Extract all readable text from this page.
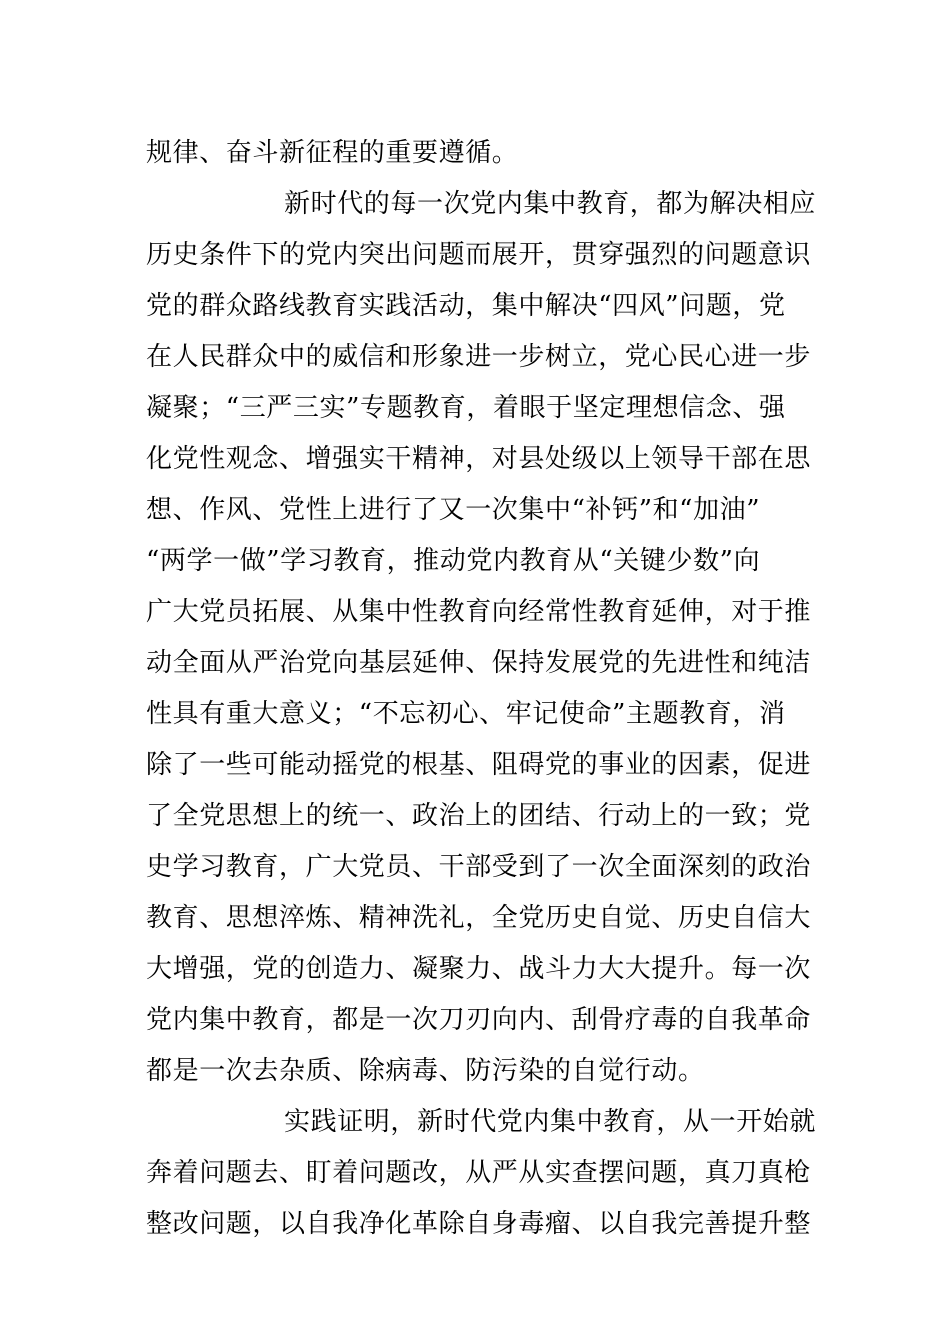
规律、奋斗新征程的重要遵循。
新时代的每一次党内集中教育，都为解决相应
历史条件下的党内突出问题而展开，贯穿强烈的问题意识
党的群众路线教育实践活动，集中解决“四风”问题，党
在人民群众中的威信和形象进一步树立，党心民心进一步
凝聚；“三严三实”专题教育，着眼于坚定理想信念、强
化党性观念、增强实干精神，对县处级以上领导干部在思
想、作风、党性上进行了又一次集中“补钙”和“加油”
“两学一做”学习教育，推动党内教育从“关键少数”向
广大党员拓展、从集中性教育向经常性教育延伸，对于推
动全面从严治党向基层延伸、保持发展党的先进性和纯洁
性具有重大意义；“不忘初心、牢记使命”主题教育，消
除了一些可能动摇党的根基、阻碍党的事业的因素，促进
了全党思想上的统一、政治上的团结、行动上的一致；党
史学习教育，广大党员、干部受到了一次全面深刻的政治
教育、思想淬炼、精神洗礼，全党历史自觉、历史自信大
大增强，党的创造力、凝聚力、战斗力大大提升。每一次
党内集中教育，都是一次刀刃向内、刮骨疗毒的自我革命
都是一次去杂质、除病毒、防污染的自觉行动。
实践证明，新时代党内集中教育，从一开始就
奔着问题去、盯着问题改，从严从实查摆问题，真刀真枪
整改问题，以自我净化革除自身毒瘤、以自我完善提升整
